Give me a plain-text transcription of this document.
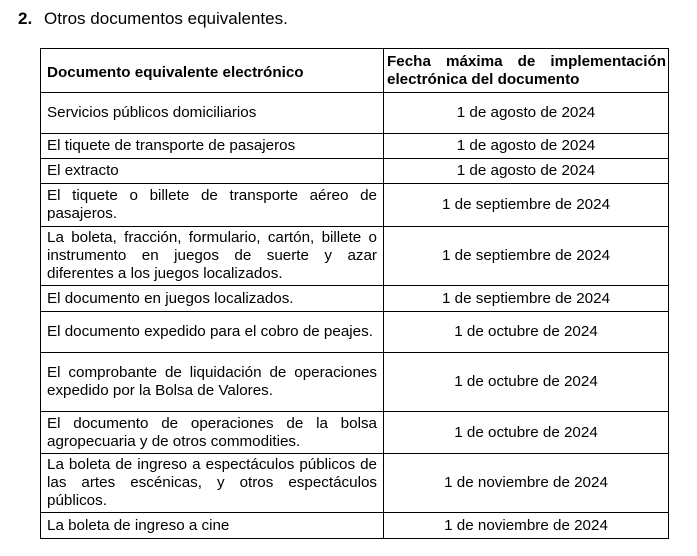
2. Otros documentos equivalentes.
Documento equivalente electrónico	Fecha máxima de implementación electrónica del documento
Servicios públicos domiciliarios	1 de agosto de 2024
El tiquete de transporte de pasajeros	1 de agosto de 2024
El extracto	1 de agosto de 2024
El tiquete o billete de transporte aéreo de pasajeros.	1 de septiembre de 2024
La boleta, fracción, formulario, cartón, billete o instrumento en juegos de suerte y azar diferentes a los juegos localizados.	1 de septiembre de 2024
El documento en juegos localizados.	1 de septiembre de 2024
El documento expedido para el cobro de peajes.	1 de octubre de 2024
El comprobante de liquidación de operaciones expedido por la Bolsa de Valores.	1 de octubre de 2024
El documento de operaciones de la bolsa agropecuaria y de otros commodities.	1 de octubre de 2024
La boleta de ingreso a espectáculos públicos de las artes escénicas, y otros espectáculos públicos.	1 de noviembre de 2024
La boleta de ingreso a cine	1 de noviembre de 2024
